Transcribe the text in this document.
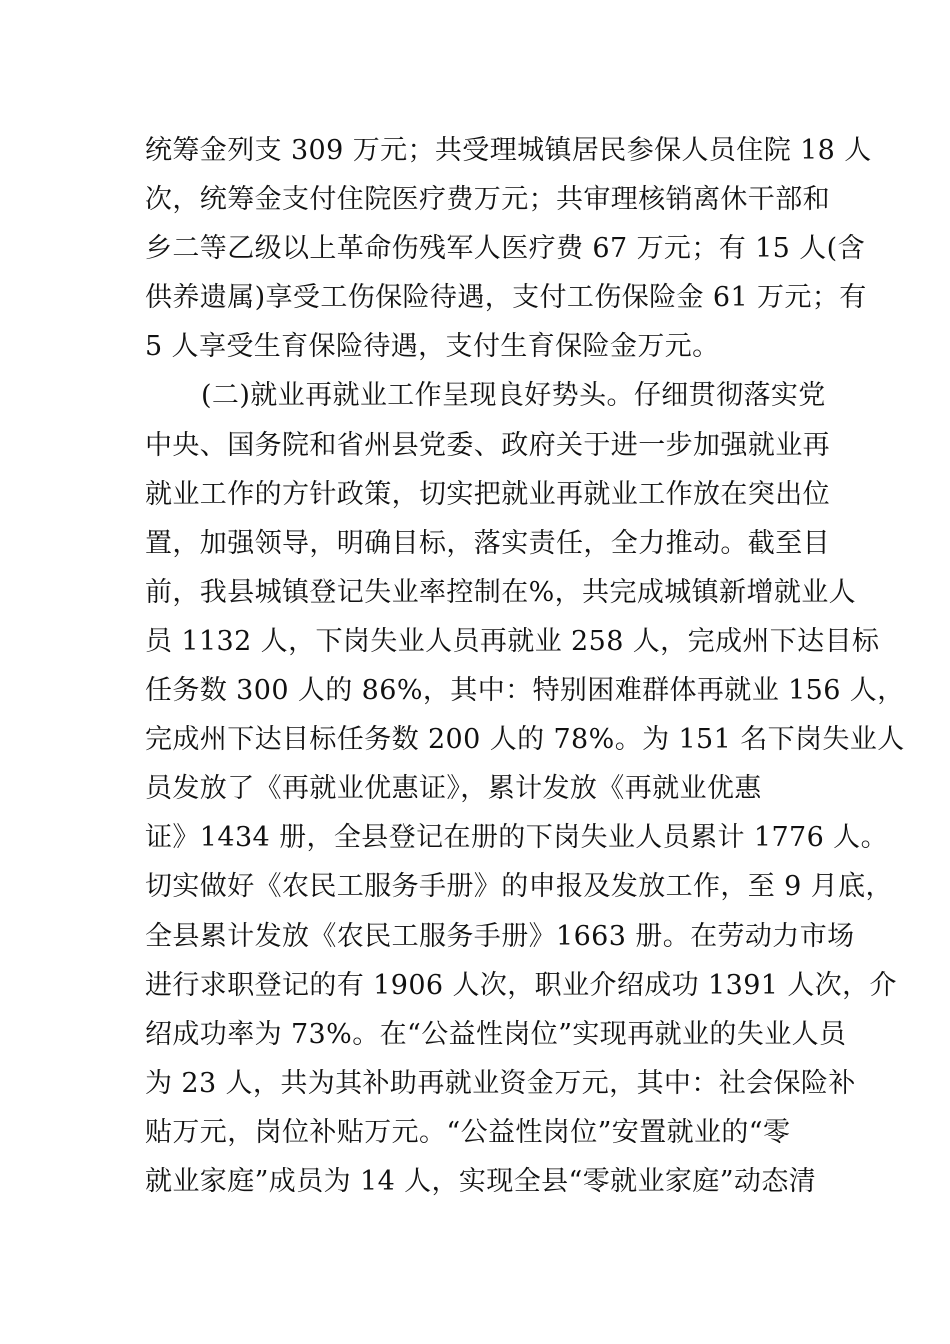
统筹金列支 309 万元；共受理城镇居民参保人员住院 18 人
次，统筹金支付住院医疗费万元；共审理核销离休干部和
乡二等乙级以上革命伤残军人医疗费 67 万元；有 15 人(含
供养遗属)享受工伤保险待遇，支付工伤保险金 61 万元；有
5 人享受生育保险待遇，支付生育保险金万元。
(二)就业再就业工作呈现良好势头。仔细贯彻落实党
中央、国务院和省州县党委、政府关于进一步加强就业再
就业工作的方针政策，切实把就业再就业工作放在突出位
置，加强领导，明确目标，落实责任，全力推动。截至目
前，我县城镇登记失业率控制在%，共完成城镇新增就业人
员 1132 人，下岗失业人员再就业 258 人，完成州下达目标
任务数 300 人的 86%，其中：特别困难群体再就业 156 人，
完成州下达目标任务数 200 人的 78%。为 151 名下岗失业人
员发放了《再就业优惠证》，累计发放《再就业优惠
证》1434 册，全县登记在册的下岗失业人员累计 1776 人。
切实做好《农民工服务手册》的申报及发放工作，至 9 月底，
全县累计发放《农民工服务手册》1663 册。在劳动力市场
进行求职登记的有 1906 人次，职业介绍成功 1391 人次，介
绍成功率为 73%。在“公益性岗位”实现再就业的失业人员
为 23 人，共为其补助再就业资金万元，其中：社会保险补
贴万元，岗位补贴万元。“公益性岗位”安置就业的“零
就业家庭”成员为 14 人，实现全县“零就业家庭”动态清
